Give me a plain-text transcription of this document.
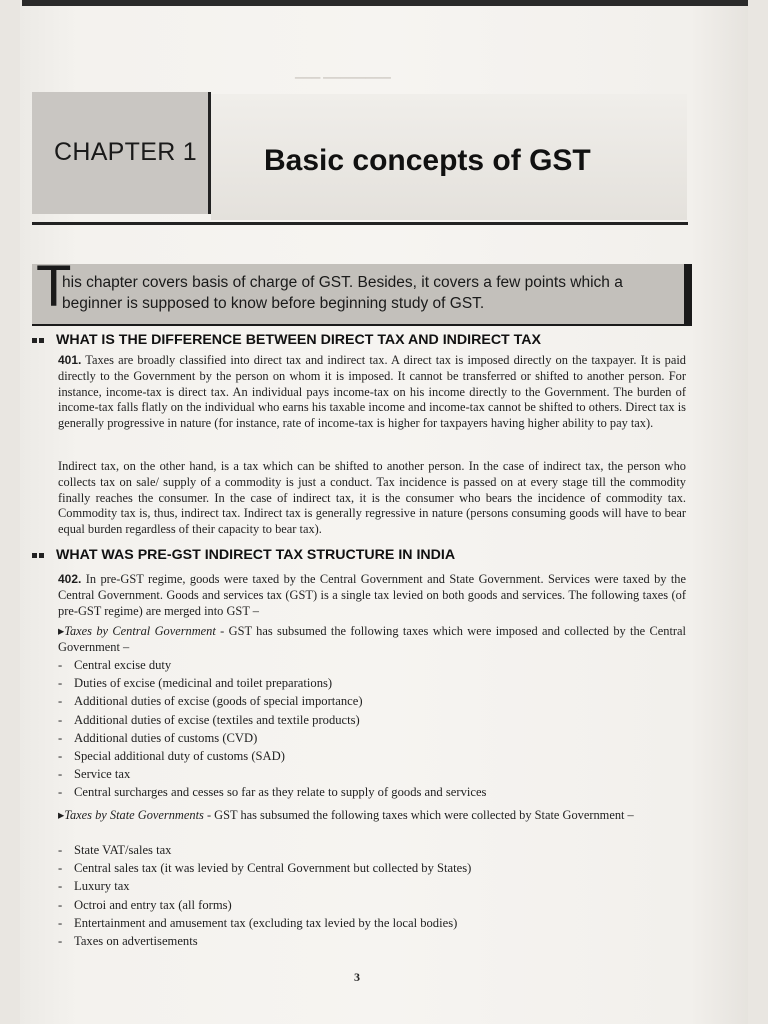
▁▁▁ ▁▁▁▁▁▁▁▁
CHAPTER 1 Basic concepts of GST
T
his chapter covers basis of charge of GST. Besides, it covers a few points which a beginner is supposed to know before beginning study of GST.
WHAT IS THE DIFFERENCE BETWEEN DIRECT TAX AND INDIRECT TAX
401. Taxes are broadly classified into direct tax and indirect tax. A direct tax is imposed directly on the taxpayer. It is paid directly to the Government by the person on whom it is imposed. It cannot be transferred or shifted to another person. For instance, income-tax is direct tax. An individual pays income-tax on his income directly to the Government. The burden of income-tax falls flatly on the individual who earns his taxable income and income-tax cannot be shifted to others. Direct tax is generally progressive in nature (for instance, rate of income-tax is higher for taxpayers having higher ability to pay tax).
Indirect tax, on the other hand, is a tax which can be shifted to another person. In the case of indirect tax, the person who collects tax on sale/ supply of a commodity is just a conduct. Tax incidence is passed on at every stage till the commodity finally reaches the consumer. In the case of indirect tax, it is the consumer who bears the incidence of commodity tax. Commodity tax is, thus, indirect tax. Indirect tax is generally regressive in nature (persons consuming goods will have to bear equal burden regardless of their capacity to bear tax).
WHAT WAS PRE-GST INDIRECT TAX STRUCTURE IN INDIA
402. In pre-GST regime, goods were taxed by the Central Government and State Government. Services were taxed by the Central Government. Goods and services tax (GST) is a single tax levied on both goods and services. The following taxes (of pre-GST regime) are merged into GST –
▸Taxes by Central Government - GST has subsumed the following taxes which were imposed and collected by the Central Government –
- Central excise duty
- Duties of excise (medicinal and toilet preparations)
- Additional duties of excise (goods of special importance)
- Additional duties of excise (textiles and textile products)
- Additional duties of customs (CVD)
- Special additional duty of customs (SAD)
- Service tax
- Central surcharges and cesses so far as they relate to supply of goods and services
▸Taxes by State Governments - GST has subsumed the following taxes which were collected by State Government –
- State VAT/sales tax
- Central sales tax (it was levied by Central Government but collected by States)
- Luxury tax
- Octroi and entry tax (all forms)
- Entertainment and amusement tax (excluding tax levied by the local bodies)
- Taxes on advertisements
3
